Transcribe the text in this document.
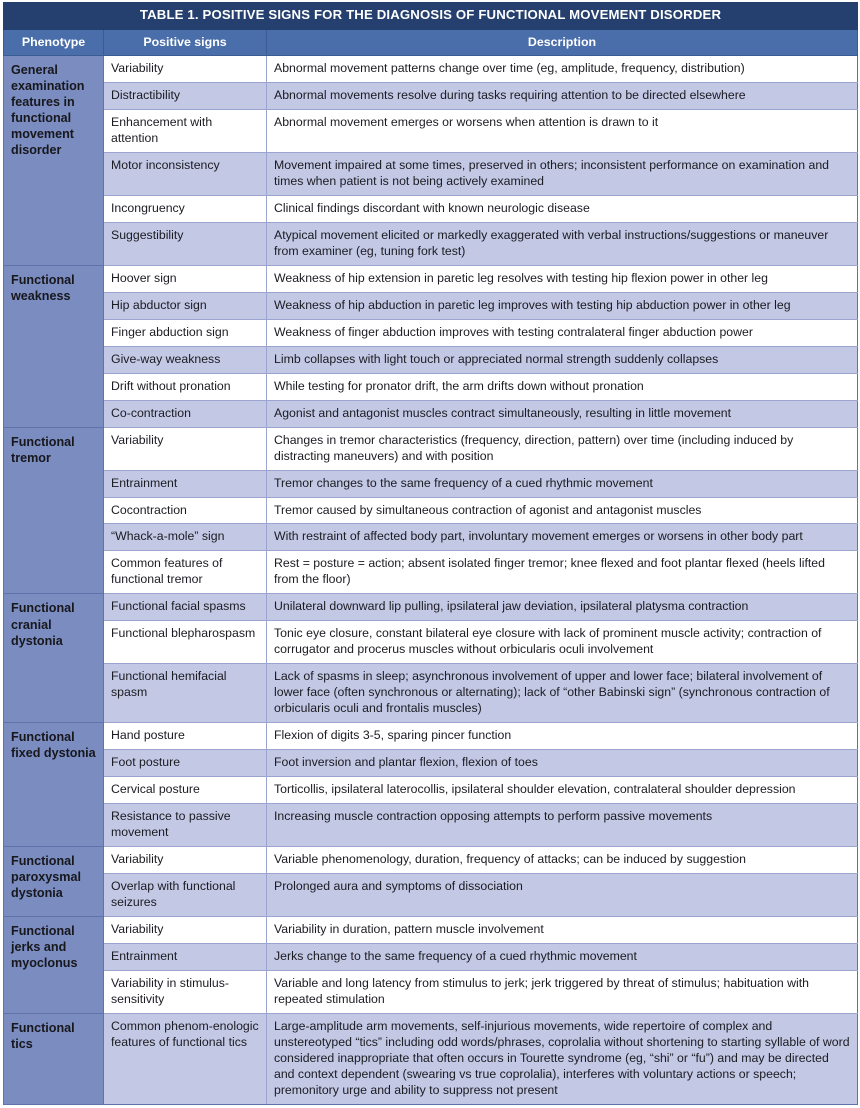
TABLE 1. POSITIVE SIGNS FOR THE DIAGNOSIS OF FUNCTIONAL MOVEMENT DISORDER		
Phenotype	Positive signs	Description
General examination features in functional movement disorder	Variability	Abnormal movement patterns change over time (eg, amplitude, frequency, distribution)
	Distractibility	Abnormal movements resolve during tasks requiring attention to be directed elsewhere
	Enhancement with attention	Abnormal movement emerges or worsens when attention is drawn to it
	Motor inconsistency	Movement impaired at some times, preserved in others; inconsistent performance on examination and times when patient is not being actively examined
	Incongruency	Clinical findings discordant with known neurologic disease
	Suggestibility	Atypical movement elicited or markedly exaggerated with verbal instructions/suggestions or maneuver from examiner (eg, tuning fork test)
Functional weakness	Hoover sign	Weakness of hip extension in paretic leg resolves with testing hip flexion power in other leg
	Hip abductor sign	Weakness of hip abduction in paretic leg improves with testing hip abduction power in other leg
	Finger abduction sign	Weakness of finger abduction improves with testing contralateral finger abduction power
	Give-way weakness	Limb collapses with light touch or appreciated normal strength suddenly collapses
	Drift without pronation	While testing for pronator drift, the arm drifts down without pronation
	Co-contraction	Agonist and antagonist muscles contract simultaneously, resulting in little movement
Functional tremor	Variability	Changes in tremor characteristics (frequency, direction, pattern) over time (including induced by distracting maneuvers) and with position
	Entrainment	Tremor changes to the same frequency of a cued rhythmic movement
	Cocontraction	Tremor caused by simultaneous contraction of agonist and antagonist muscles
	“Whack-a-mole” sign	With restraint of affected body part, involuntary movement emerges or worsens in other body part
	Common features of functional tremor	Rest = posture = action; absent isolated finger tremor; knee flexed and foot plantar flexed (heels lifted from the floor)
Functional cranial dystonia	Functional facial spasms	Unilateral downward lip pulling, ipsilateral jaw deviation, ipsilateral platysma contraction
	Functional blepharospasm	Tonic eye closure, constant bilateral eye closure with lack of prominent muscle activity; contraction of corrugator and procerus muscles without orbicularis oculi involvement
	Functional hemifacial spasm	Lack of spasms in sleep; asynchronous involvement of upper and lower face; bilateral involvement of lower face (often synchronous or alternating); lack of “other Babinski sign” (synchronous contraction of orbicularis oculi and frontalis muscles)
Functional fixed dystonia	Hand posture	Flexion of digits 3-5, sparing pincer function
	Foot posture	Foot inversion and plantar flexion, flexion of toes
	Cervical posture	Torticollis, ipsilateral laterocollis, ipsilateral shoulder elevation, contralateral shoulder depression
	Resistance to passive movement	Increasing muscle contraction opposing attempts to perform passive movements
Functional paroxysmal dystonia	Variability	Variable phenomenology, duration, frequency of attacks; can be induced by suggestion
	Overlap with functional seizures	Prolonged aura and symptoms of dissociation
Functional jerks and myoclonus	Variability	Variability in duration, pattern muscle involvement
	Entrainment	Jerks change to the same frequency of a cued rhythmic movement
	Variability in stimulus-sensitivity	Variable and long latency from stimulus to jerk; jerk triggered by threat of stimulus; habituation with repeated stimulation
Functional tics	Common phenom-enologic features of functional tics	Large-amplitude arm movements, self-injurious movements, wide repertoire of complex and unstereotyped “tics” including odd words/phrases, coprolalia without shortening to starting syllable of word considered inappropriate that often occurs in Tourette syndrome (eg, “shi” or “fu”) and may be directed and context dependent (swearing vs true coprolalia), interferes with voluntary actions or speech; premonitory urge and ability to suppress not present
